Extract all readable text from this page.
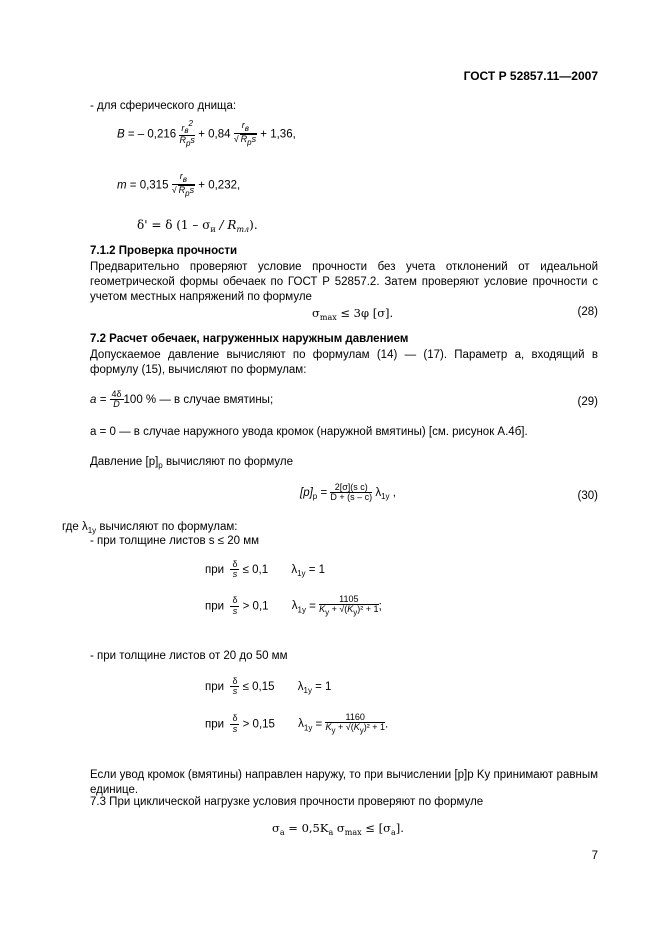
ГОСТ Р 52857.11—2007
- для сферического днища:
B = – $0,216 \frac{rв2}{\text{Rps}} + 0,84 \frac{rв}{\text{√ Rps}} + 1,36$,
$m = 0,315 \frac{rв}{\text{√ Rps}} + 0,232$,
δ' = δ $(1 - \sigma_и / R_{mл})$.
7.1.2 Проверка прочности
Предварительно проверяют условие прочности без учета отклонений от идеальной геометрической формы обечаек по ГОСТ Р 52857.2. Затем проверяют условие прочности с учетом местных напряжений по формуле
$\sigma_{max} \le 3\varphi$ [σ].	(28)
7.2 Расчет обечаек, нагруженных наружным давлением
Допускаемое давление вычисляют по формулам (14) — (17). Параметр a, входящий в формулу (15), вычисляют по формулам:
$a = \frac{4\delta}{D} 100$ % — в случае вмятины;	(29)
a = 0 — в случае наружного увода кромок (наружной вмятины) [см. рисунок А.4б].
Давление $[p]_p$ вычисляют по формуле
$[p]_p = \frac{\text{2[σ](s c)}}{D + (s - c)} \lambda_{1y}$ ,	(30)
где $\lambda_{1y}$ вычисляют по формулам:
- при толщине листов s ≤ 20 мм
при $\frac{\delta}{s} \le 0,1$ $\lambda_{1y} = 1$
при $\frac{\delta}{s} > 0,1$ $\lambda_{1y} = \frac{1105}{\text{Ky + √(Ky)² + 1}}$ ;
- при толщине листов от 20 до 50 мм
при $\frac{\delta}{s} \le 0,15$ $\lambda_{1y} = 1$
при $\frac{\delta}{s} > 0,15$ $\lambda_{1y} = \frac{1160}{\text{Ky + √(Ky)² + 1}}$ .
Если увод кромок (вмятины) направлен наружу, то при вычислении [p]p Ky принимают равным единице.
7.3 При циклической нагрузке условия прочности проверяют по формуле
$\sigma_a = 0,5K_a$ $\sigma_{max} \le [\sigma_a]$.
7
